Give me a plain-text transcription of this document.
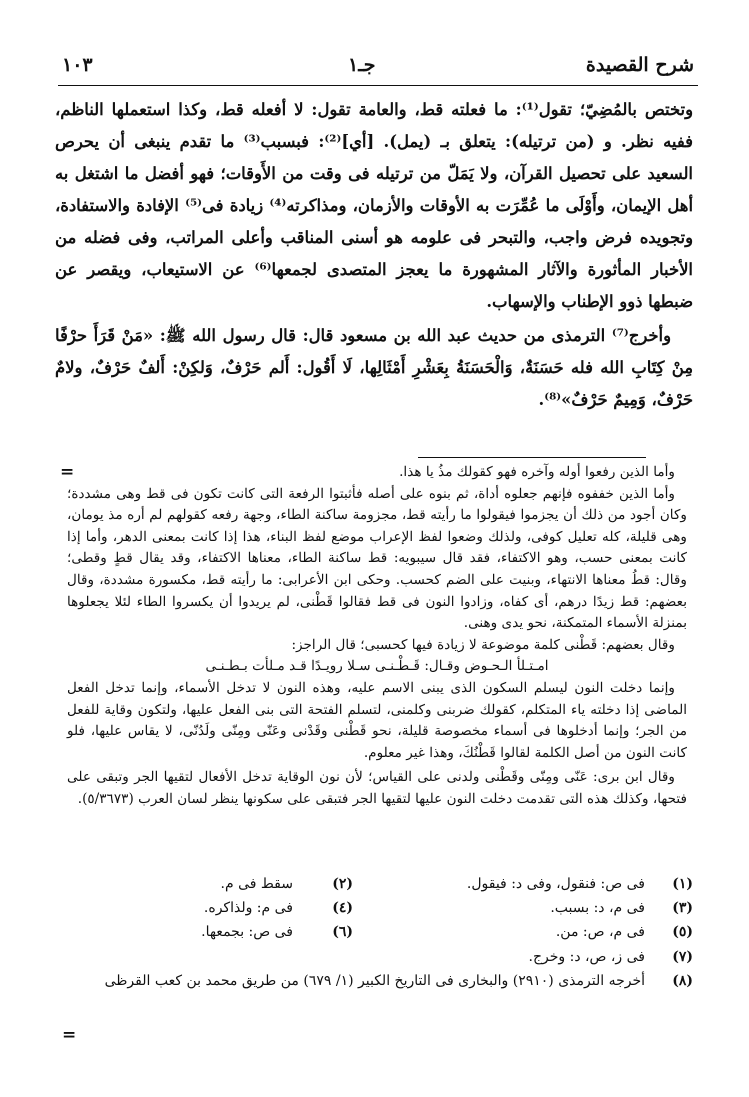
شرح القصيدة
جـ١
١٠٣

وتختص بالمُضِيّ؛ تقول⁽¹⁾: ما فعلته قط، والعامة تقول: لا أفعله قط، وكذا استعملها الناظم، ففيه نظر. و (من ترتيله): يتعلق بـ (يمل). [أي]⁽²⁾: فبسبب⁽³⁾ ما تقدم ينبغى أن يحرص السعيد على تحصيل القرآن، ولا يَمَلّ من ترتيله فى وقت من الأَوقات؛ فهو أفضل ما اشتغل به أهل الإيمان، وأَوْلَى ما عُمِّرَت به الأوقات والأزمان، ومذاكرته⁽⁴⁾ زيادة فى⁽⁵⁾ الإفادة والاستفادة، وتجويده فرض واجب، والتبحر فى علومه هو أسنى المناقب وأعلى المراتب، وفى فضله من الأخبار المأثورة والآثار المشهورة ما يعجز المتصدى لجمعها⁽⁶⁾ عن الاستيعاب، ويقصر عن ضبطها ذوو الإطناب والإسهاب.

وأخرج⁽⁷⁾ الترمذى من حديث عبد الله بن مسعود قال: قال رسول الله ﷺ: «مَنْ قَرَأَ حرْفًا مِنْ كِتَابِ الله فله حَسَنَةٌ، وَالْحَسَنَةُ بِعَشْرِ أَمْثَالِها، لَا أَقُول: أَلم حَرْفٌ، وَلكِنْ: أَلفٌ حَرْفٌ، ولامٌ حَرْفٌ، وَمِيمٌ حَرْفٌ»⁽⁸⁾.

=	وأما الذين رفعوا أوله وآخره فهو كقولك مذُ يا هذا.

وأما الذين خففوه فإنهم جعلوه أداة، ثم بنوه على أصله فأثبتوا الرفعة التى كانت تكون فى قط وهى مشددة؛ وكان أجود من ذلك أن يجزموا فيقولوا ما رأيته قط، مجزومة ساكنة الطاء، وجهة رفعه كقولهم لم أره مذ يومان، وهى قليلة، كله تعليل كوفى، ولذلك وضعوا لفظ الإعراب موضع لفظ البناء، هذا إذا كانت بمعنى الدهر، وأما إذا كانت بمعنى حسب، وهو الاكتفاء، فقد قال سيبويه: قط ساكنة الطاء، معناها الاكتفاء، وقد يقال قطٍ وقطى؛ وقال: قطُ معناها الانتهاء، وبنيت على الضم كحسب. وحكى ابن الأعرابى: ما رأيته قط، مكسورة مشددة، وقال بعضهم: قط زيدًا درهم، أى كفاه، وزادوا النون فى قط فقالوا قَطْنى، لم يريدوا أن يكسروا الطاء لئلا يجعلوها بمنزلة الأسماء المتمكنة، نحو يدى وهنى.

وقال بعضهم: قَطْنى كلمة موضوعة لا زيادة فيها كحسبى؛ قال الراجز:

امـتـلأ الـحـوض وقـال: قَـطْـنـى سـلا رويـدًا قـد مـلأت بـطـنـى

وإنما دخلت النون ليسلم السكون الذى يبنى الاسم عليه، وهذه النون لا تدخل الأسماء، وإنما تدخل الفعل الماضى إذا دخلته ياء المتكلم، كقولك ضربنى وكلمنى، لتسلم الفتحة التى بنى الفعل عليها، ولتكون وقاية للفعل من الجر؛ وإنما أدخلوها فى أسماء مخصوصة قليلة، نحو قَطْنى وقَدْنى وعَنّى ومِنّى ولَدُنّى، لا يقاس عليها، فلو كانت النون من أصل الكلمة لقالوا قَطْنُكَ، وهذا غير معلوم.

وقال ابن برى: عَنّى ومِنّى وقَطْنى ولدنى على القياس؛ لأن نون الوقاية تدخل الأفعال لتقيها الجر وتبقى على فتحها، وكذلك هذه التى تقدمت دخلت النون عليها لتقيها الجر فتبقى على سكونها ينظر لسان العرب (٥/٣٦٧٣).

(١)
فى ص: فنقول، وفى د: فيقول.
(٢)
سقط فى م.
(٣)
فى م، د: بسبب.
(٤)
فى م: ولذاكره.
(٥)
فى م، ص: من.
(٦)
فى ص: بجمعها.
(٧)
فى ز، ص، د: وخرج.
(٨)
أخرجه الترمذى (٢٩١٠) والبخارى فى التاريخ الكبير (١/ ٦٧٩) من طريق محمد بن كعب القرظى
=
